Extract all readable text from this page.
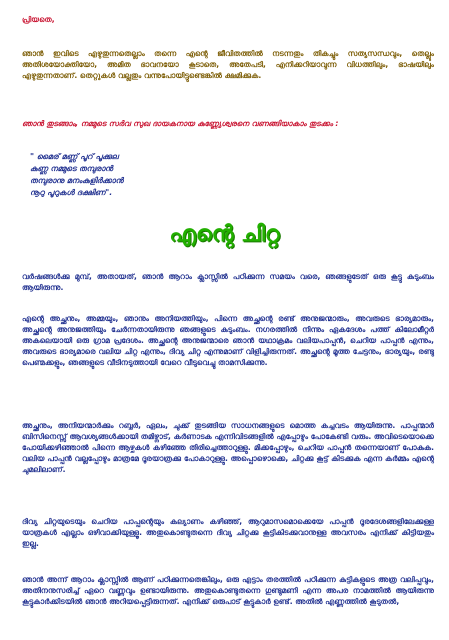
പ്രിയതെ,

ഞാൻ ഇവിടെ എഴുതുന്നതെല്ലാം തന്നെ എന്റെ ജീവിതത്തിൽ നടന്നതും തികച്ചും സത്യസന്ധവും, തെല്ലും അതിശയോക്തിയോ, അമിത ഭാവനയോ കൂടാതെ, അതേപടി, എനിക്കറിയാവുന്ന വിധത്തിലും, ഭാഷയിലും എഴുതുന്നതാണ്. തെറ്റുകൾ വല്ലതും വന്നുപോയിട്ടുണ്ടെങ്കിൽ ക്ഷമിക്കുക.

ഞാൻ തുടങ്ങാം, നമ്മുടെ സർവ സുഖ ദായകനായ കുണ്ണ്യേശ്വരനെ വണങ്ങിയാകാം തുടക്കം :

" മൈര് മണ്ണ് പൂറ് പൂക്കുല
കുണ്ണ നമ്മുടെ തമ്പുരാൻ
തമ്പുരാനു മനംകുളിർക്കാൻ
നൂറു പൂറുകൾ ദക്ഷിണ".
എന്റെ ചിറ്റ

വർഷങ്ങൾക്കു മുമ്പ്, അതായത്, ഞാൻ ആറാം ക്ലാസ്സിൽ പഠിക്കുന്ന സമയം വരെ, ഞങ്ങളുടേത് ഒരു കൂട്ടു കുടുംബം ആയിരുന്നു.

എന്റെ അച്ഛനും, അമ്മയും, ഞാനും അനിയത്തിയും, പിന്നെ അച്ഛന്റെ രണ്ട് അനുജന്മാരും, അവരുടെ ഭാര്യമാരും, അച്ഛന്റെ അനുജത്തിയും ചേർന്നതായിരുന്നു ഞങ്ങളുടെ കുടുംബം. നഗരത്തിൽ നിന്നും ഏകദേശം പത്ത് കിലോമീറ്റർ അകലെയായി ഒരു ഗ്രാമ പ്രദേശം. അച്ഛന്റെ അനുജന്മാരെ ഞാൻ യഥാക്രമം വലിയപാപ്പൻ, ചെറിയ പാപ്പൻ എന്നും, അവരുടെ ഭാര്യമാരെ വലിയ ചിറ്റ എന്നും, ദിവ്യ ചിറ്റ എന്നുമാണ് വിളിച്ചിരുന്നത്. അച്ഛന്റെ മൂത്ത ചേട്ടനും, ഭാര്യയും, രണ്ടു പെണ്മക്കളും, ഞങ്ങളുടെ വീടിനടുത്തായി വേറെ വീടുവെച്ചു താമസിക്കുന്നു.

അച്ഛനും, അനിയന്മാർക്കും റബ്ബർ, ഏലം, ചുക്ക് തുടങ്ങിയ സാധനങ്ങളുടെ മൊത്ത കച്ചവടം ആയിരുന്നു. പാപ്പന്മാർ ബിസിനെസ്സ് ആവശ്യങ്ങൾക്കായി തമിഴ്നാട്, കർണാടക എന്നിവിടങ്ങളിൽ എപ്പോഴും പോകേണ്ടി വരും. അവിടെയൊക്കെ പോയിക്കഴിഞ്ഞാൽ പിന്നെ ആഴ്ചകൾ കഴിഞ്ഞേ തിരിച്ചെത്താറുള്ളു. മിക്കപ്പോഴും, ചെറിയ പാപ്പൻ തന്നെയാണ് പോകുക. വലിയ പാപ്പൻ വല്ലപ്പോഴും മാത്രമേ ദൂരയാത്രക്കു പോകാറുള്ളു. അപ്പൊഴൊക്കെ, ചിറ്റക്കു കൂട്ട് കിടക്കുക എന്ന കർമ്മം എന്റെ ചുമലിലാണ്.

ദിവ്യ ചിറ്റയുടെയും ചെറിയ പാപ്പന്റെയും കല്യാണം കഴിഞ്ഞ്, ആറുമാസമൊക്കെയേ പാപ്പൻ ദൂരദേശങ്ങളിലേക്കുള്ള യാത്രകൾ എല്ലാം ഒഴിവാക്കിയുള്ളൂ. അതുകൊണ്ടുതന്നെ ദിവ്യ ചിറ്റക്കു കൂട്ടികിടക്കുവാനുള്ള അവസരം എനിക്ക് കിട്ടിയതും ഇല്ല.

ഞാൻ അന്ന് ആറാം ക്ലാസ്സിൽ ആണ് പഠിക്കുന്നതെങ്കിലും, ഒരു എട്ടാം തരത്തിൽ പഠിക്കുന്ന കുട്ടികളുടെ അത്ര വലിപ്പവും, അതിനനുസരിച്ച് ഏറെ വണ്ണവും ഉണ്ടായിരുന്നു. അതുകൊണ്ടുതന്നെ ഗുണ്ടുമണി എന്ന അപര നാമത്തിൽ ആയിരുന്നു കൂട്ടുകാർക്കിടയിൽ ഞാൻ അറിയപ്പെട്ടിരുന്നത്. എനിക്ക് ഒരുപാട് കൂട്ടുകാർ ഉണ്ട്. അതിൽ എണ്ണത്തിൽ കൂടുതൽ,
